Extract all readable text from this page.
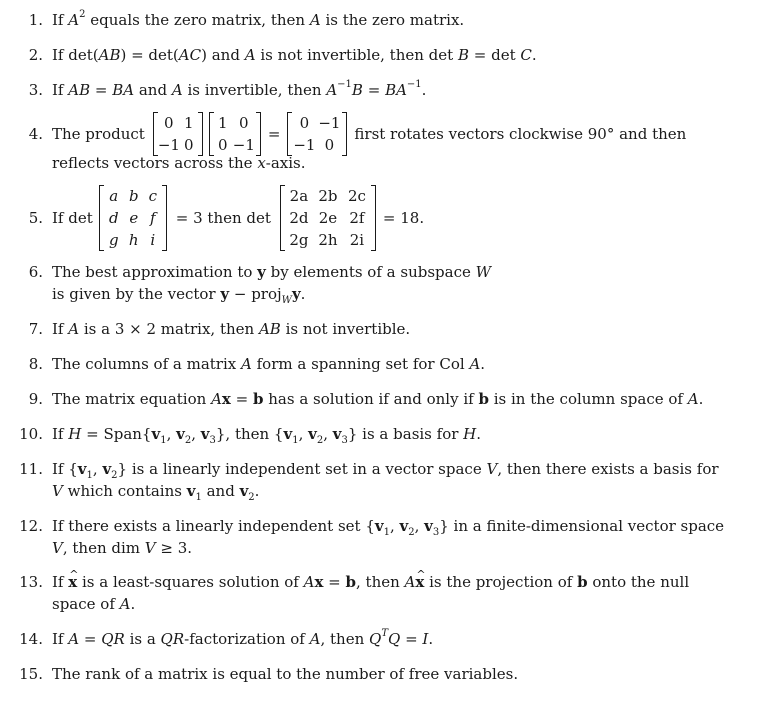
1. If $A^2$ equals the zero matrix, then A is the zero matrix.
2. If det(AB) = det(AC) and A is not invertible, then det B = det C.
3. If AB = BA and A is invertible, then $A^{-1}B = BA^{-1}$.
4. The product
0 1
−1 0
1 0
0 −1
=
0 −1
−1 0
first rotates vectors clockwise 90° and then
reflects vectors across the x-axis.
5. If det
a b c
d e f
g h i
= 3 then det
2a 2b 2c
2d 2e 2f
2g 2h 2i
= 18.
6. The best approximation to y by elements of a subspace W
is given by the vector y − proj$_W$y.
7. If A is a 3 × 2 matrix, then AB is not invertible.
8. The columns of a matrix A form a spanning set for Col A.
9. The matrix equation Ax = b has a solution if and only if b is in the column space of A.
10. If $H = Span\{v_1$, $v_2$, $v_3$}, then {$v_1$, $v_2$, $v_3$} is a basis for H.
11. If {$v_1$, $v_2$} is a linearly independent set in a vector space V, then there exists a basis for
V which contains $v_1$ and $v_2$.
12. If there exists a linearly independent set {$v_1$, $v_2$, $v_3$} in a finite-dimensional vector space
V, then dim V ≥ 3.
13. If x ^ is a least-squares solution of Ax = b, then Ax ^ is the projection of b onto the null
space of A.
14. If A = QR is a QR-factorization of A, then $Q^TQ = I$.
15. The rank of a matrix is equal to the number of free variables.
